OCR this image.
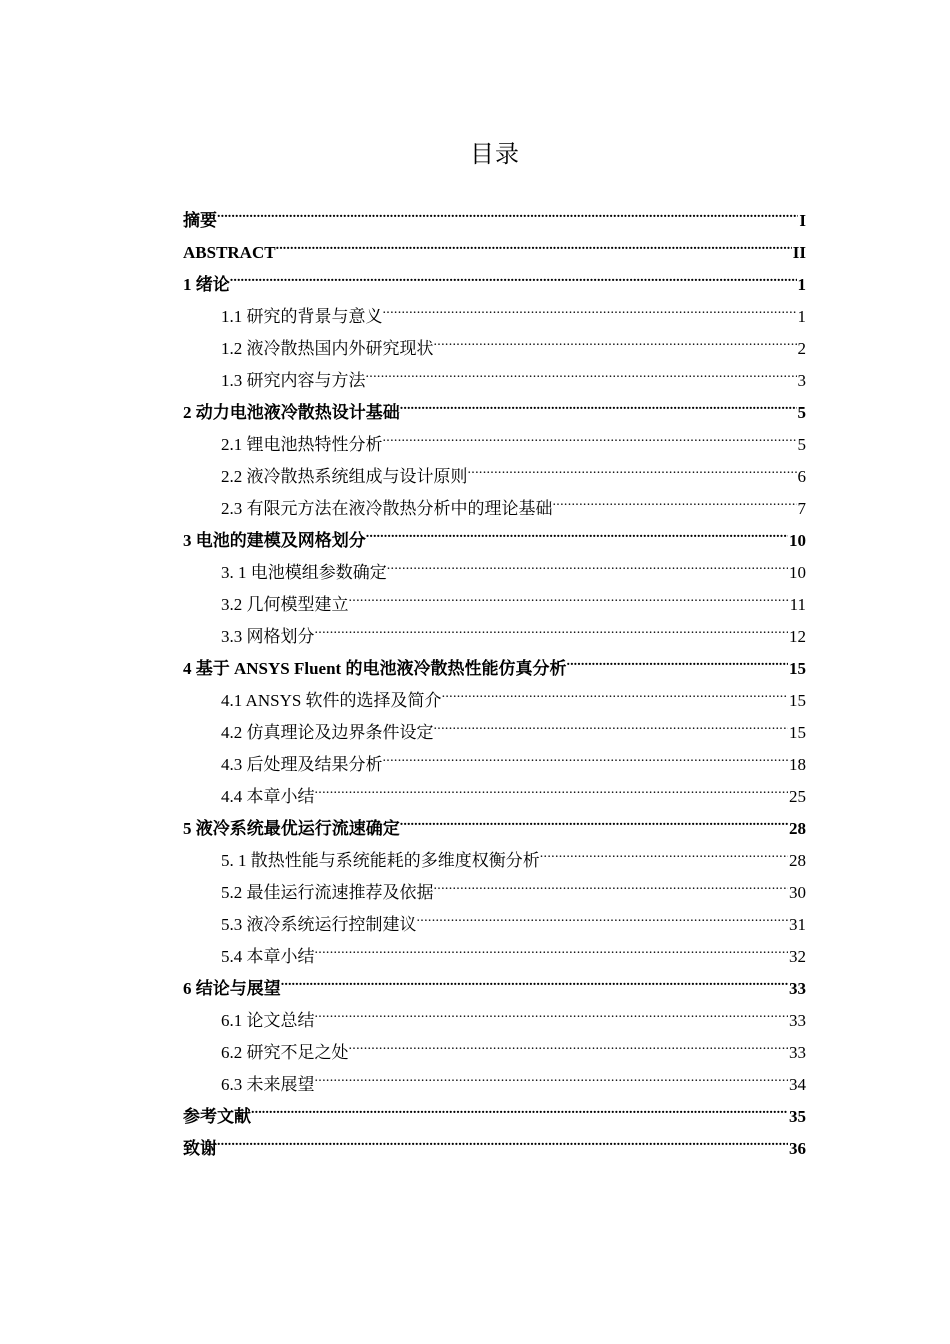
目录
摘要 .....	I
ABSTRACT .....	II
1 绪论 .....	1
1.1 研究的背景与意义 .....	1
1.2 液冷散热国内外研究现状 .....	2
1.3 研究内容与方法 .....	3
2 动力电池液冷散热设计基础 .....	5
2.1 锂电池热特性分析 .....	5
2.2 液冷散热系统组成与设计原则 .....	6
2.3 有限元方法在液冷散热分析中的理论基础 .....	7
3 电池的建模及网格划分 .....	10
3. 1 电池模组参数确定 .....	10
3.2 几何模型建立 .....	11
3.3 网格划分 .....	12
4 基于 ANSYS Fluent 的电池液冷散热性能仿真分析 .....	15
4.1 ANSYS 软件的选择及简介 .....	15
4.2 仿真理论及边界条件设定 .....	15
4.3 后处理及结果分析 .....	18
4.4 本章小结 .....	25
5 液冷系统最优运行流速确定 .....	28
5. 1 散热性能与系统能耗的多维度权衡分析 .....	28
5.2 最佳运行流速推荐及依据 .....	30
5.3 液冷系统运行控制建议 .....	31
5.4 本章小结 .....	32
6 结论与展望 .....	33
6.1 论文总结 .....	33
6.2 研究不足之处 .....	33
6.3 未来展望 .....	34
参考文献 .....	35
致谢 .....	36
